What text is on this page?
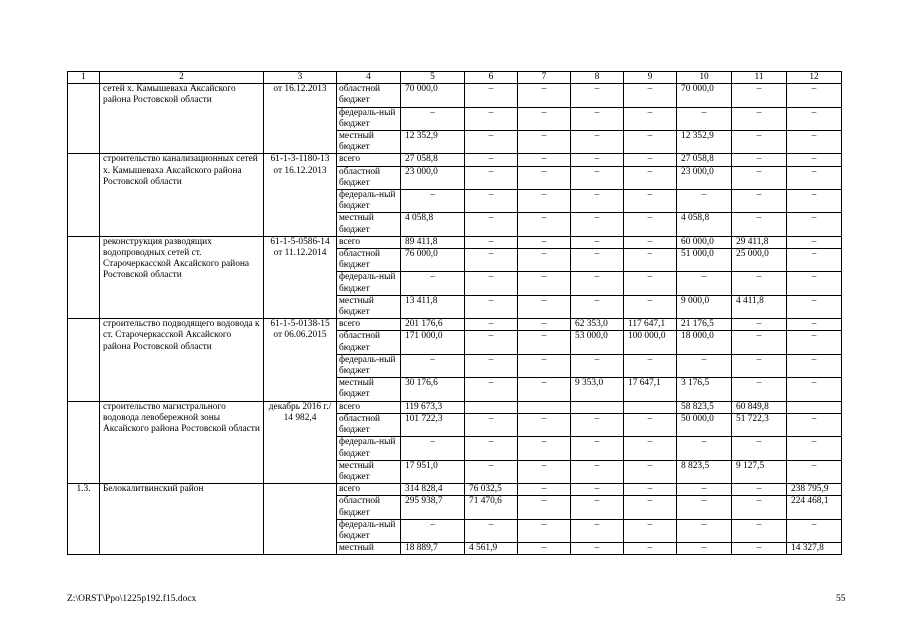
1	2	3	4	5	6	7	8	9	10	11	12
	сетей х. Камышеваха Аксайского района Ростовской области	от 16.12.2013	областной бюджет	70 000,0	–	–	–	–	70 000,0	–	–
			федераль-ный бюджет	–	–	–	–	–	–	–	–
			местный бюджет	12 352,9	–	–	–	–	12 352,9	–	–
	строительство канализационных сетей х. Камышеваха Аксайского района Ростовской области	61-1-3-1180-13 от 16.12.2013	всего	27 058,8	–	–	–	–	27 058,8	–	–
			областной бюджет	23 000,0	–	–	–	–	23 000,0	–	–
			федераль-ный бюджет	–	–	–	–	–	–	–	–
			местный бюджет	4 058,8	–	–	–	–	4 058,8	–	–
	реконструкция разводящих водопроводных сетей ст. Старочеркасской Аксайского района Ростовской области	61-1-5-0586-14 от 11.12.2014	всего	89 411,8	–	–	–	–	60 000,0	29 411,8	–
			областной бюджет	76 000,0	–	–	–	–	51 000,0	25 000,0	–
			федераль-ный бюджет	–	–	–	–	–	–	–	–
			местный бюджет	13 411,8	–	–	–	–	9 000,0	4 411,8	–
	строительство подводящего водовода к ст. Старочеркасской Аксайского района Ростовской области	61-1-5-0138-15 от 06.06.2015	всего	201 176,6	–	–	62 353,0	117 647,1	21 176,5	–	–
			областной бюджет	171 000,0	–	–	53 000,0	100 000,0	18 000,0	–	–
			федераль-ный бюджет	–	–	–	–	–	–	–	–
			местный бюджет	30 176,6	–	–	9 353,0	17 647,1	3 176,5	–	–
	строительство магистрального водовода левобережной зоны Аксайского района Ростовской области	декабрь 2016 г./ 14 982,4	всего	119 673,3					58 823,5	60 849,8	
			областной бюджет	101 722,3	–	–	–	–	50 000,0	51 722,3	–
			федераль-ный бюджет	–	–	–	–	–	–	–	–
			местный бюджет	17 951,0	–	–	–	–	8 823,5	9 127,5	–
1.3.	Белокалитвинский район		всего	314 828,4	76 032,5	–	–	–	–	–	238 795,9
			областной бюджет	295 938,7	71 470,6	–	–	–	–	–	224 468,1
			федераль-ный бюджет	–	–	–	–	–	–	–	–
			местный	18 889,7	4 561,9	–	–	–	–	–	14 327,8
Z:\ORST\Ppo\1225p192.f15.docx	55
